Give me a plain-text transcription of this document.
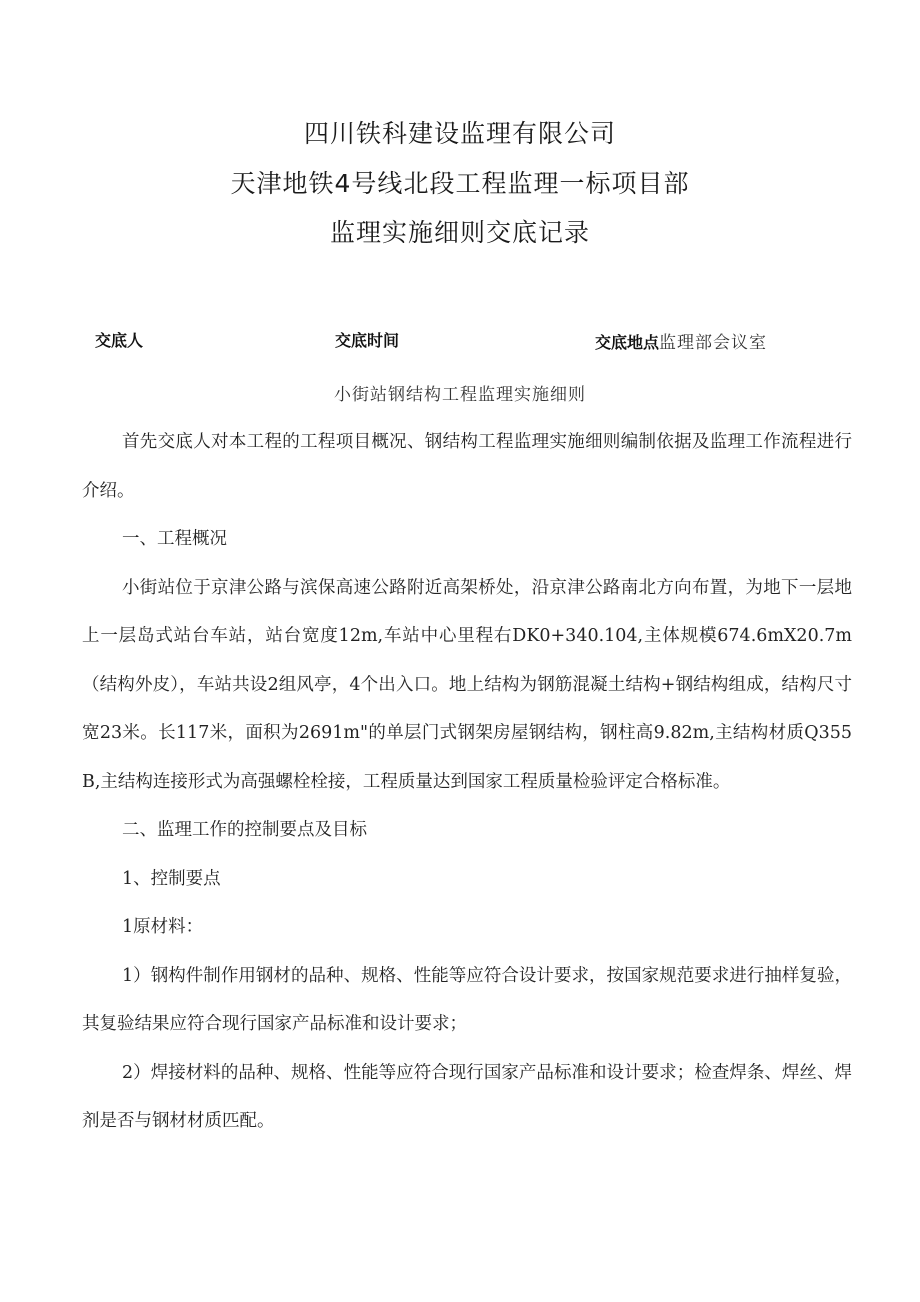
四川铁科建设监理有限公司
天津地铁4号线北段工程监理一标项目部
监理实施细则交底记录
交底人	交底时间	交底地点监理部会议室
小街站钢结构工程监理实施细则

首先交底人对本工程的工程项目概况、钢结构工程监理实施细则编制依据及监理工作流程进行介绍。

一、工程概况

小街站位于京津公路与滨保高速公路附近高架桥处，沿京津公路南北方向布置，为地下一层地上一层岛式站台车站，站台宽度12m,车站中心里程右DK0+340.104,主体规模674.6mX20.7m（结构外皮），车站共设2组风亭，4个出入口。地上结构为钢筋混凝土结构+钢结构组成，结构尺寸宽23米。长117米，面积为2691m"的单层门式钢架房屋钢结构，钢柱高9.82m,主结构材质Q355B,主结构连接形式为高强螺栓栓接，工程质量达到国家工程质量检验评定合格标准。

二、监理工作的控制要点及目标

1、控制要点

1原材料：

1）钢构件制作用钢材的品种、规格、性能等应符合设计要求，按国家规范要求进行抽样复验，其复验结果应符合现行国家产品标准和设计要求；

2）焊接材料的品种、规格、性能等应符合现行国家产品标准和设计要求；检查焊条、焊丝、焊剂是否与钢材材质匹配。
